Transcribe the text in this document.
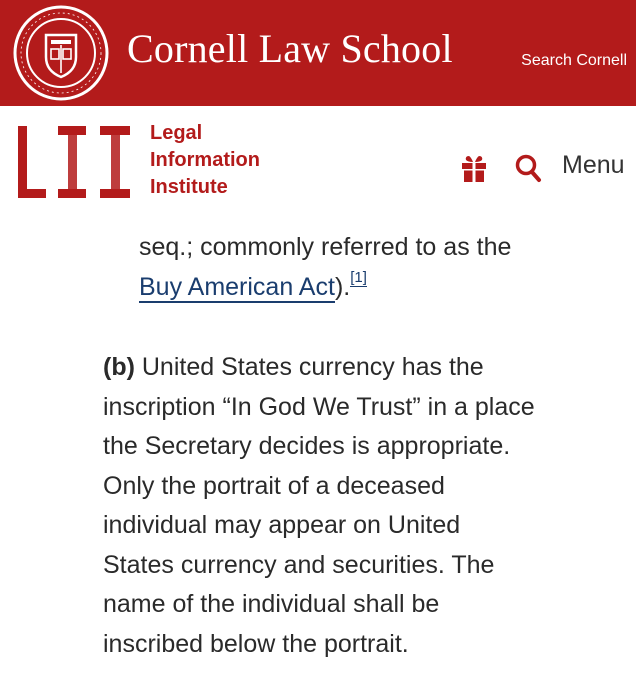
Cornell Law School	Search Cornell
Legal
Information
Institute
Menu
seq.; commonly referred to as the
Buy American Act).[1]
(b) United States currency has the
inscription “In God We Trust” in a place
the Secretary decides is appropriate.
Only the portrait of a deceased
individual may appear on United
States currency and securities. The
name of the individual shall be
inscribed below the portrait.
